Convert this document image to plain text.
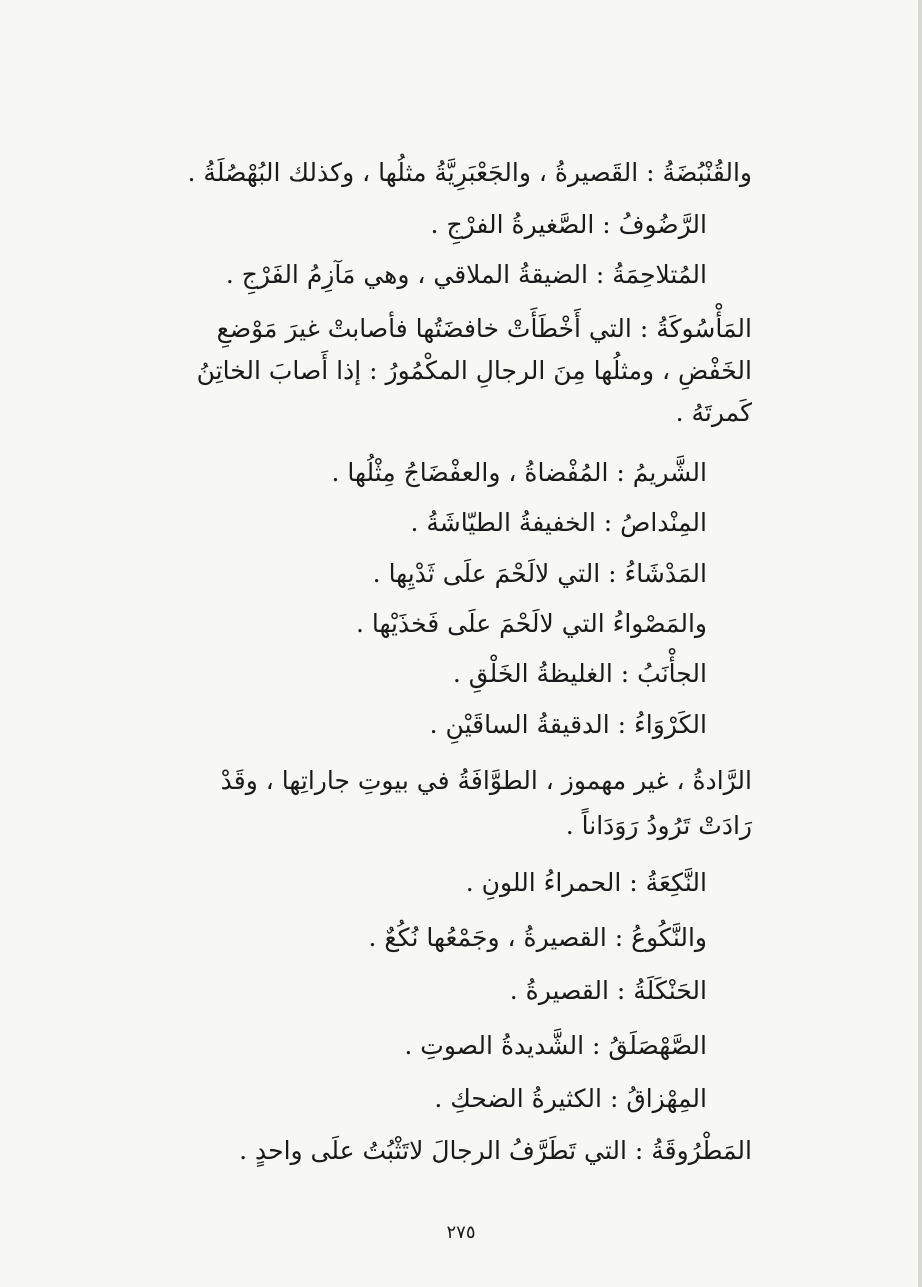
والقُنْبُضَةُ : القَصيرةُ ، والجَعْبَرِيَّةُ مثلُها ، وكذلك البُهْصُلَةُ .
الرَّضُوفُ : الصَّغيرةُ الفرْجِ .
المُتلاحِمَةُ : الضيقةُ الملاقي ، وهي مَآزِمُ الفَرْجِ .
المَأْسُوكَةُ : التي أَخْطَأَتْ خافضَتُها فأصابتْ غيرَ مَوْضعِ
الخَفْضِ ، ومثلُها مِنَ الرجالِ المكْمُورُ : إذا أَصابَ الخاتِنُ
كَمرتَهُ .
الشَّريمُ : المُفْضاةُ ، والعفْضَاجُ مِثْلُها .
المِنْداصُ : الخفيفةُ الطيّاشَةُ .
المَدْشَاءُ : التي لالَحْمَ علَى ثَدْيِها .
والمَصْواءُ التي لالَحْمَ علَى فَخذَيْها .
الجأْنَبُ : الغليظةُ الخَلْقِ .
الكَرْوَاءُ : الدقيقةُ الساقَيْنِ .
الرَّادةُ ، غير مهموز ، الطوَّافَةُ في بيوتِ جاراتِها ، وقَدْ
رَادَتْ تَرُودُ رَوَدَاناً .
النَّكِعَةُ : الحمراءُ اللونِ .
والنَّكُوعُ : القصيرةُ ، وجَمْعُها نُكُعٌ .
الحَنْكَلَةُ : القصيرةُ .
الصَّهْصَلَقُ : الشَّديدةُ الصوتِ .
المِهْزاقُ : الكثيرةُ الضحكِ .
المَطْرُوقَةُ : التي تَطَرَّفُ الرجالَ لاتَثْبُتُ علَى واحدٍ .
٢٧٥
